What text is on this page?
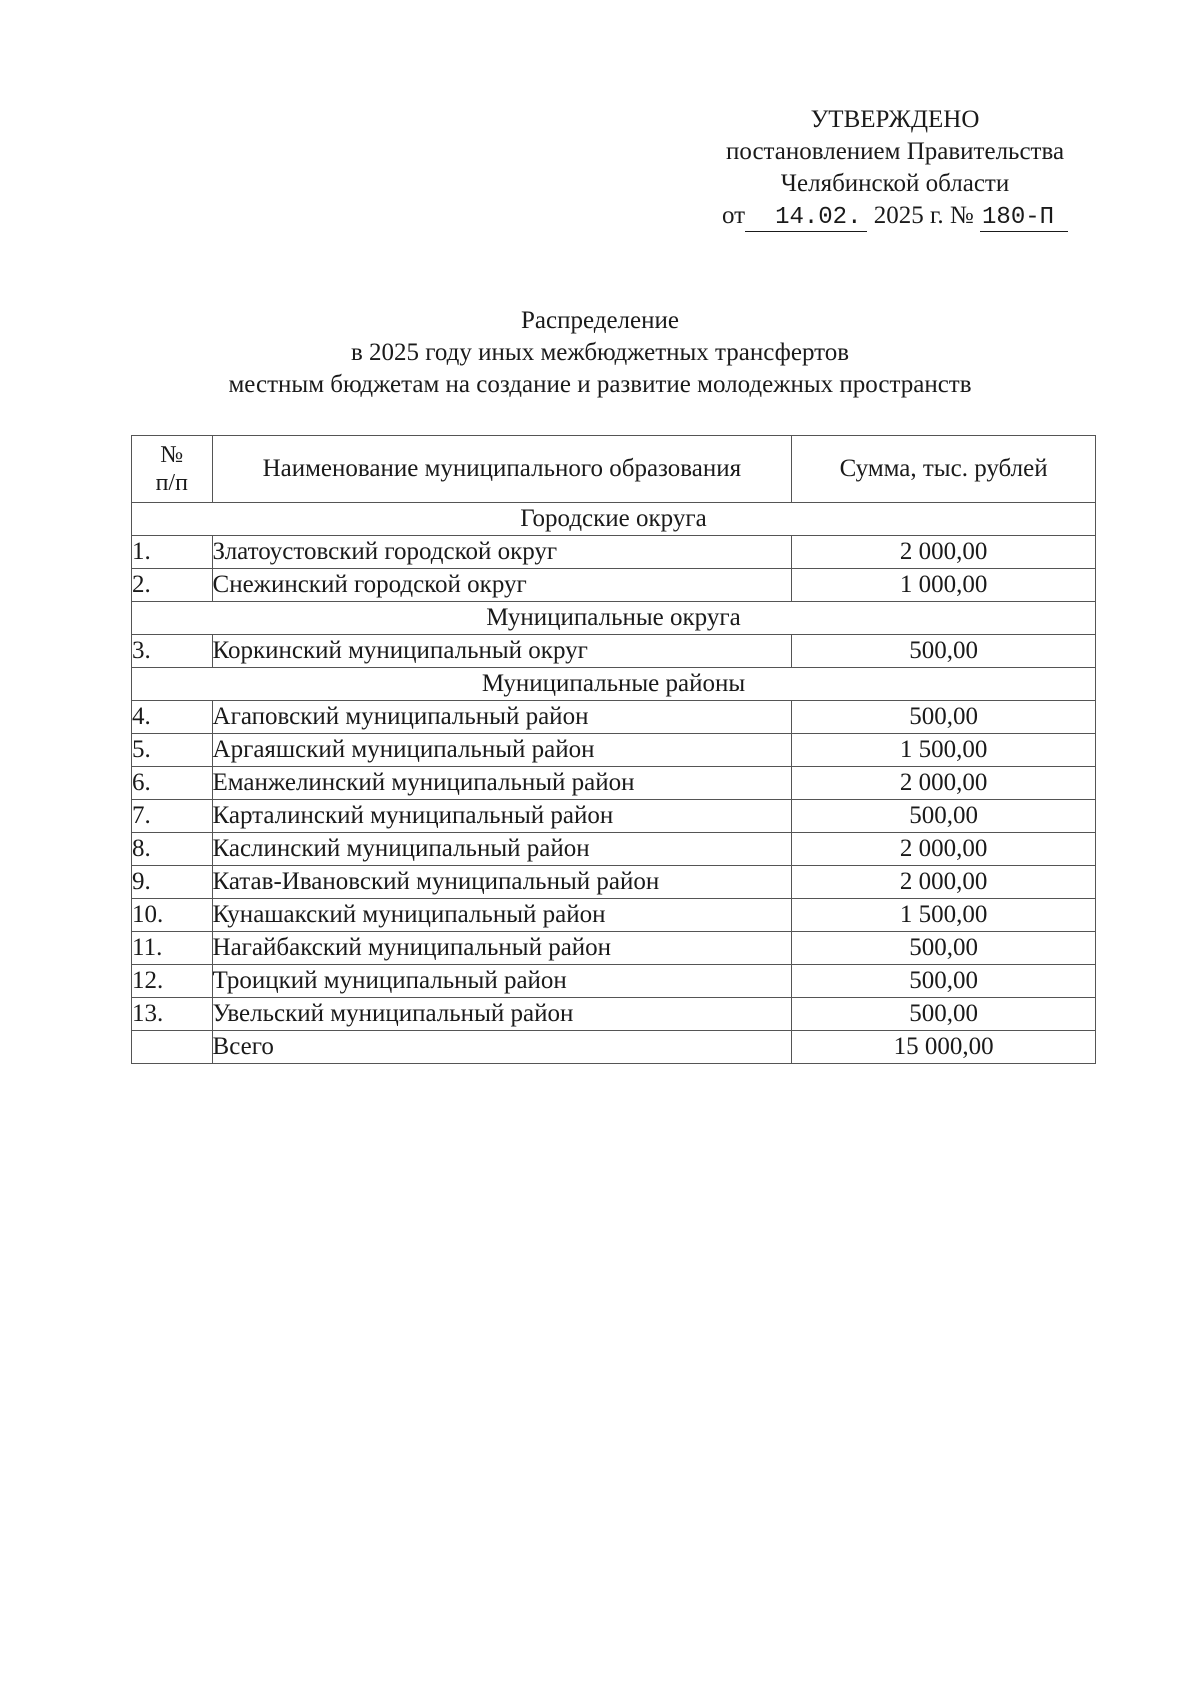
УТВЕРЖДЕНО
постановлением Правительства
Челябинской области
от 14.02. 2025 г. № 180-П
Распределение
в 2025 году иных межбюджетных трансфертов
местным бюджетам на создание и развитие молодежных пространств
№
п/п	Наименование муниципального образования	Сумма, тыс. рублей
Городские округа		
1.	Златоустовский городской округ	2 000,00
2.	Снежинский городской округ	1 000,00
Муниципальные округа		
3.	Коркинский муниципальный округ	500,00
Муниципальные районы		
4.	Агаповский муниципальный район	500,00
5.	Аргаяшский муниципальный район	1 500,00
6.	Еманжелинский муниципальный район	2 000,00
7.	Карталинский муниципальный район	500,00
8.	Каслинский муниципальный район	2 000,00
9.	Катав-Ивановский муниципальный район	2 000,00
10.	Кунашакский муниципальный район	1 500,00
11.	Нагайбакский муниципальный район	500,00
12.	Троицкий муниципальный район	500,00
13.	Увельский муниципальный район	500,00
	Всего	15 000,00
